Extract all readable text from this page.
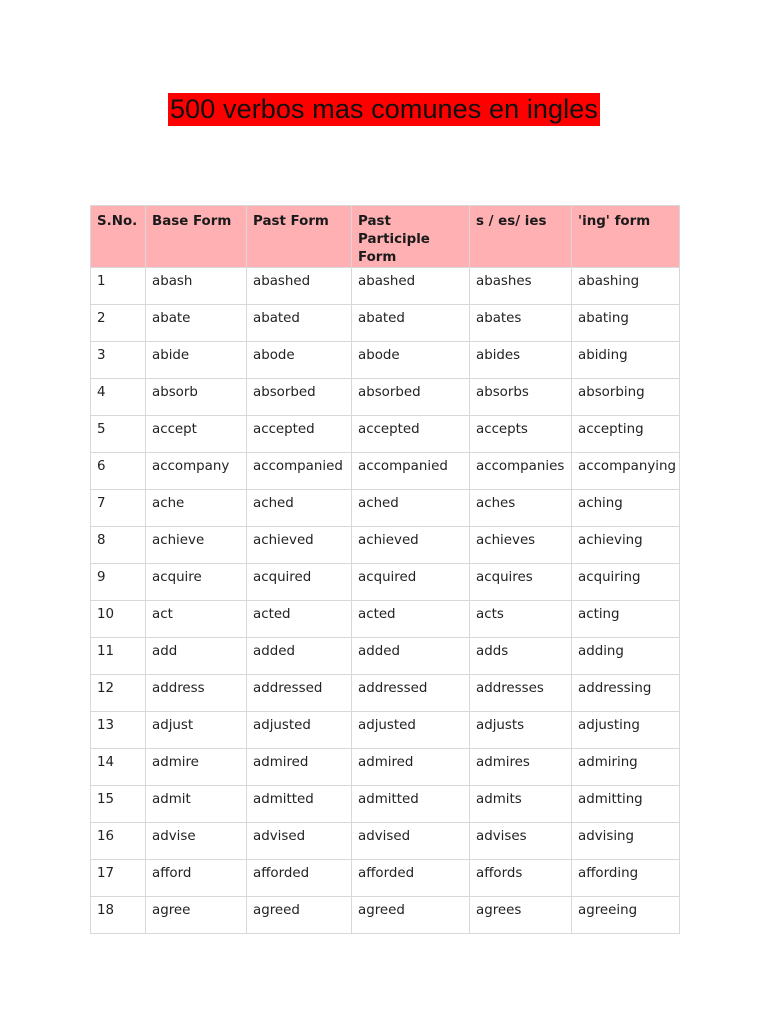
500 verbos mas comunes en ingles
S.No.	Base Form	Past Form	Past Participle Form	s / es/ ies	'ing' form
1	abash	abashed	abashed	abashes	abashing
2	abate	abated	abated	abates	abating
3	abide	abode	abode	abides	abiding
4	absorb	absorbed	absorbed	absorbs	absorbing
5	accept	accepted	accepted	accepts	accepting
6	accompany	accompanied	accompanied	accompanies	accompanying
7	ache	ached	ached	aches	aching
8	achieve	achieved	achieved	achieves	achieving
9	acquire	acquired	acquired	acquires	acquiring
10	act	acted	acted	acts	acting
11	add	added	added	adds	adding
12	address	addressed	addressed	addresses	addressing
13	adjust	adjusted	adjusted	adjusts	adjusting
14	admire	admired	admired	admires	admiring
15	admit	admitted	admitted	admits	admitting
16	advise	advised	advised	advises	advising
17	afford	afforded	afforded	affords	affording
18	agree	agreed	agreed	agrees	agreeing
